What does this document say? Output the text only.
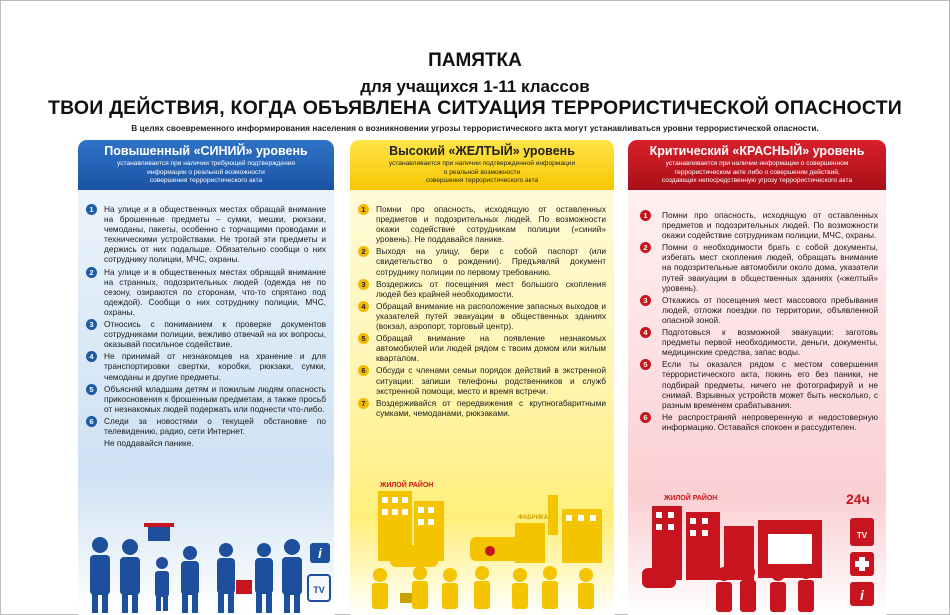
ПАМЯТКА
для учащихся 1-11 классов
ТВОИ ДЕЙСТВИЯ, КОГДА ОБЪЯВЛЕНА СИТУАЦИЯ ТЕРРОРИСТИЧЕСКОЙ ОПАСНОСТИ
В целях своевременного информирования населения о возникновении угрозы террористического акта могут устанавливаться уровни террористической опасности.
Повышенный «СИНИЙ» уровень
устанавливается при наличии требующей подтверждения
информации о реальной возможности
совершения террористического акта
1	На улице и в общественных местах обращай внимание на брошенные предметы – сумки, мешки, рюкзаки, чемоданы, пакеты, особенно с торчащими проводами и техническими устройствами. Не трогай эти предметы и держись от них подальше. Обязательно сообщи о них сотруднику полиции, МЧС, охраны.
2	На улице и в общественных местах обращай внимание на странных, подозрительных людей (одежда не по сезону, озираются по сторонам, что-то спрятано под одеждой). Сообщи о них сотруднику полиции, МЧС, охраны.
3	Относись с пониманием к проверке документов сотрудниками полиции, вежливо отвечай на их вопросы, оказывай посильное содействие.
4	Не принимай от незнакомцев на хранение и для транспортировки свертки, коробки, рюкзаки, сумки, чемоданы и другие предметы.
5	Объясняй младшим детям и пожилым людям опасность прикосновения к брошенным предметам, а также просьб от незнакомых людей подержать или поднести что-либо.
6	Следи за новостями о текущей обстановке по телевидению, радио, сети Интернет.
Не поддавайся панике.
i
TV
Высокий «ЖЕЛТЫЙ» уровень
устанавливается при наличии подтвержденной информации
о реальной возможности
совершения террористического акта
1	Помни про опасность, исходящую от оставленных предметов и подозрительных людей. По возможности окажи содействие сотрудникам полиции («синий» уровень). Не поддавайся панике.
2	Выходя на улицу, бери с собой паспорт (или свидетельство о рождении). Предъявляй документ сотруднику полиции по первому требованию.
3	Воздержись от посещения мест большого скопления людей без крайней необходимости.
4	Обращай внимание на расположение запасных выходов и указателей путей эвакуации в общественных зданиях (вокзал, аэропорт, торговый центр).
5	Обращай внимание на появление незнакомых автомобилей или людей рядом с твоим домом или жилым кварталом.
6	Обсуди с членами семьи порядок действий в экстренной ситуации: запиши телефоны родственников и служб экстренной помощи, место и время встречи.
7	Воздерживайся от передвижения с крупногабаритными сумками, чемоданами, рюкзаками.
ЖИЛОЙ РАЙОН
ФАБРИКА
Критический «КРАСНЫЙ» уровень
устанавливается при наличии информации о совершенном
террористическом акте либо о совершении действий,
создающих непосредственную угрозу террористического акта
1	Помни про опасность, исходящую от оставленных предметов и подозрительных людей. По возможности окажи содействие сотрудникам полиции, МЧС, охраны.
2	Помни о необходимости брать с собой документы, избегать мест скопления людей, обращать внимание на подозрительные автомобили около дома, указатели путей эвакуации в общественных зданиях («желтый» уровень).
3	Откажись от посещения мест массового пребывания людей, отложи поездки по территории, объявленной опасной зоной.
4	Подготовься к возможной эвакуации: заготовь предметы первой необходимости, деньги, документы, медицинские средства, запас воды.
5	Если ты оказался рядом с местом совершения террористического акта, покинь его без паники, не подбирай предметы, ничего не фотографируй и не снимай. Взрывных устройств может быть несколько, с разным временем срабатывания.
6	Не распространяй непроверенную и недостоверную информацию. Оставайся спокоен и рассудителен.
ЖИЛОЙ РАЙОН	24ч
TV
i
